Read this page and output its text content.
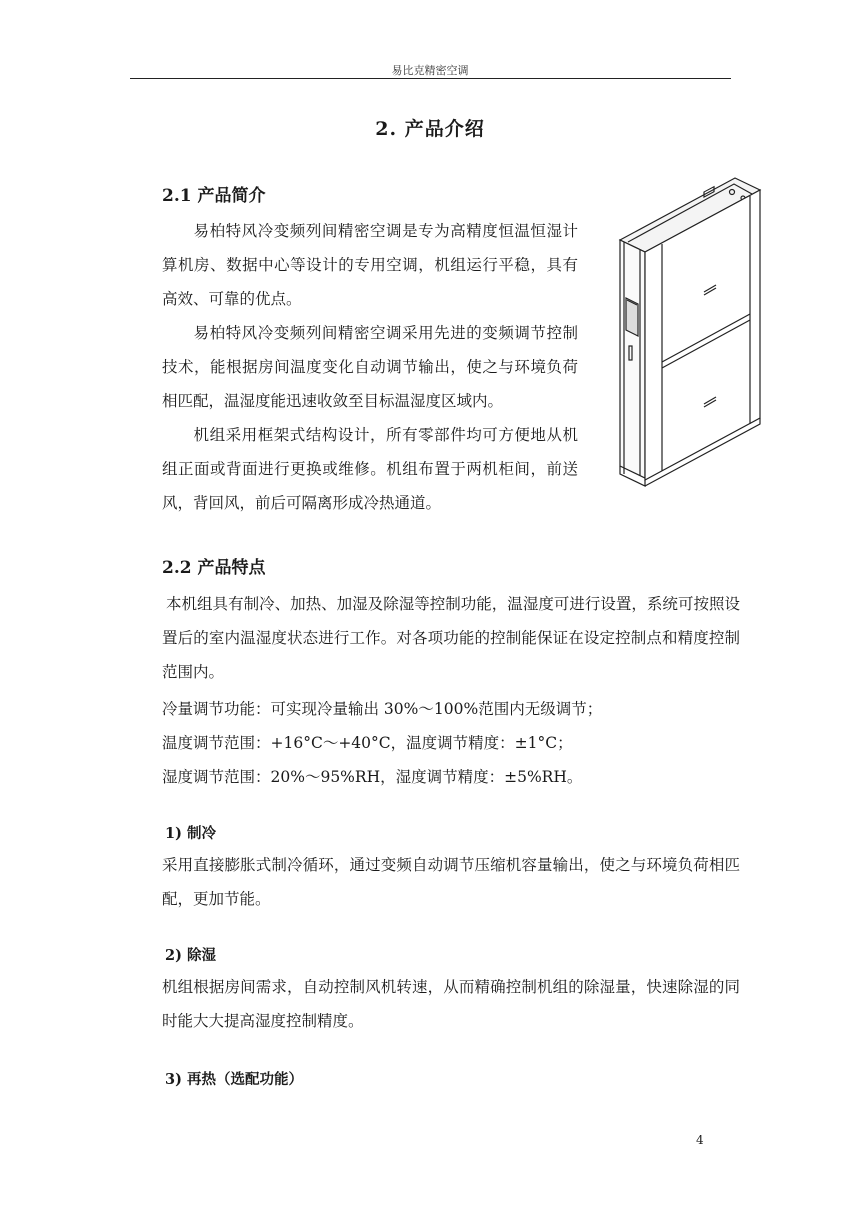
易比克精密空调
2. 产品介绍
2.1 产品简介

易柏特风冷变频列间精密空调是专为高精度恒温恒湿计算机房、数据中心等设计的专用空调，机组运行平稳，具有高效、可靠的优点。

易柏特风冷变频列间精密空调采用先进的变频调节控制技术，能根据房间温度变化自动调节输出，使之与环境负荷相匹配，温湿度能迅速收敛至目标温湿度区域内。

机组采用框架式结构设计，所有零部件均可方便地从机组正面或背面进行更换或维修。机组布置于两机柜间，前送风，背回风，前后可隔离形成冷热通道。

2.2 产品特点

本机组具有制冷、加热、加湿及除湿等控制功能，温湿度可进行设置，系统可按照设置后的室内温湿度状态进行工作。对各项功能的控制能保证在设定控制点和精度控制范围内。

冷量调节功能：可实现冷量输出 30%～100%范围内无级调节；
温度调节范围：+16°C～+40°C，温度调节精度：±1°C；
湿度调节范围：20%～95%RH，湿度调节精度：±5%RH。
1) 制冷

采用直接膨胀式制冷循环，通过变频自动调节压缩机容量输出，使之与环境负荷相匹配，更加节能。

2) 除湿

机组根据房间需求，自动控制风机转速，从而精确控制机组的除湿量，快速除湿的同时能大大提高湿度控制精度。

3) 再热（选配功能）
4
